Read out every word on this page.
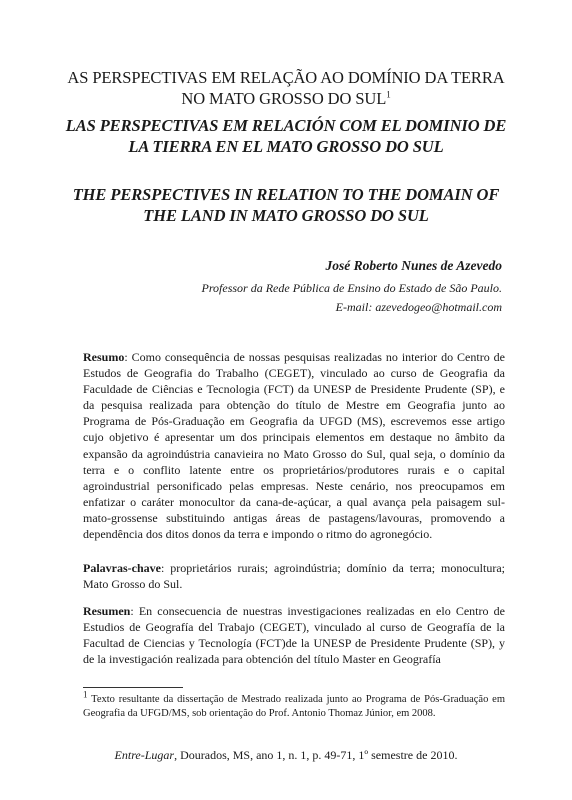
AS PERSPECTIVAS EM RELAÇÃO AO DOMÍNIO DA TERRA NO MATO GROSSO DO SUL$^1$
LAS PERSPECTIVAS EM RELACIÓN COM EL DOMINIO DE LA TIERRA EN EL MATO GROSSO DO SUL
THE PERSPECTIVES IN RELATION TO THE DOMAIN OF THE LAND IN MATO GROSSO DO SUL
José Roberto Nunes de Azevedo
Professor da Rede Pública de Ensino do Estado de São Paulo.
E-mail: azevedogeo@hotmail.com
Resumo: Como consequência de nossas pesquisas realizadas no interior do Centro de Estudos de Geografia do Trabalho (CEGET), vinculado ao curso de Geografia da Faculdade de Ciências e Tecnologia (FCT) da UNESP de Presidente Prudente (SP), e da pesquisa realizada para obtenção do título de Mestre em Geografia junto ao Programa de Pós-Graduação em Geografia da UFGD (MS), escrevemos esse artigo cujo objetivo é apresentar um dos principais elementos em destaque no âmbito da expansão da agroindústria canavieira no Mato Grosso do Sul, qual seja, o domínio da terra e o conflito latente entre os proprietários/produtores rurais e o capital agroindustrial personificado pelas empresas. Neste cenário, nos preocupamos em enfatizar o caráter monocultor da cana-de-açúcar, a qual avança pela paisagem sul-mato-grossense substituindo antigas áreas de pastagens/lavouras, promovendo a dependência dos ditos donos da terra e impondo o ritmo do agronegócio.
Palavras-chave: proprietários rurais; agroindústria; domínio da terra; monocultura; Mato Grosso do Sul.
Resumen: En consecuencia de nuestras investigaciones realizadas en elo Centro de Estudios de Geografía del Trabajo (CEGET), vinculado al curso de Geografía de la Facultad de Ciencias y Tecnología (FCT)de la UNESP de Presidente Prudente (SP), y de la investigación realizada para obtención del título Master en Geografía
$^1$ Texto resultante da dissertação de Mestrado realizada junto ao Programa de Pós-Graduação em Geografia da UFGD/MS, sob orientação do Prof. Antonio Thomaz Júnior, em 2008.
Entre-Lugar, Dourados, MS, ano 1, n. 1, p. 49-71, 1º semestre de 2010.
